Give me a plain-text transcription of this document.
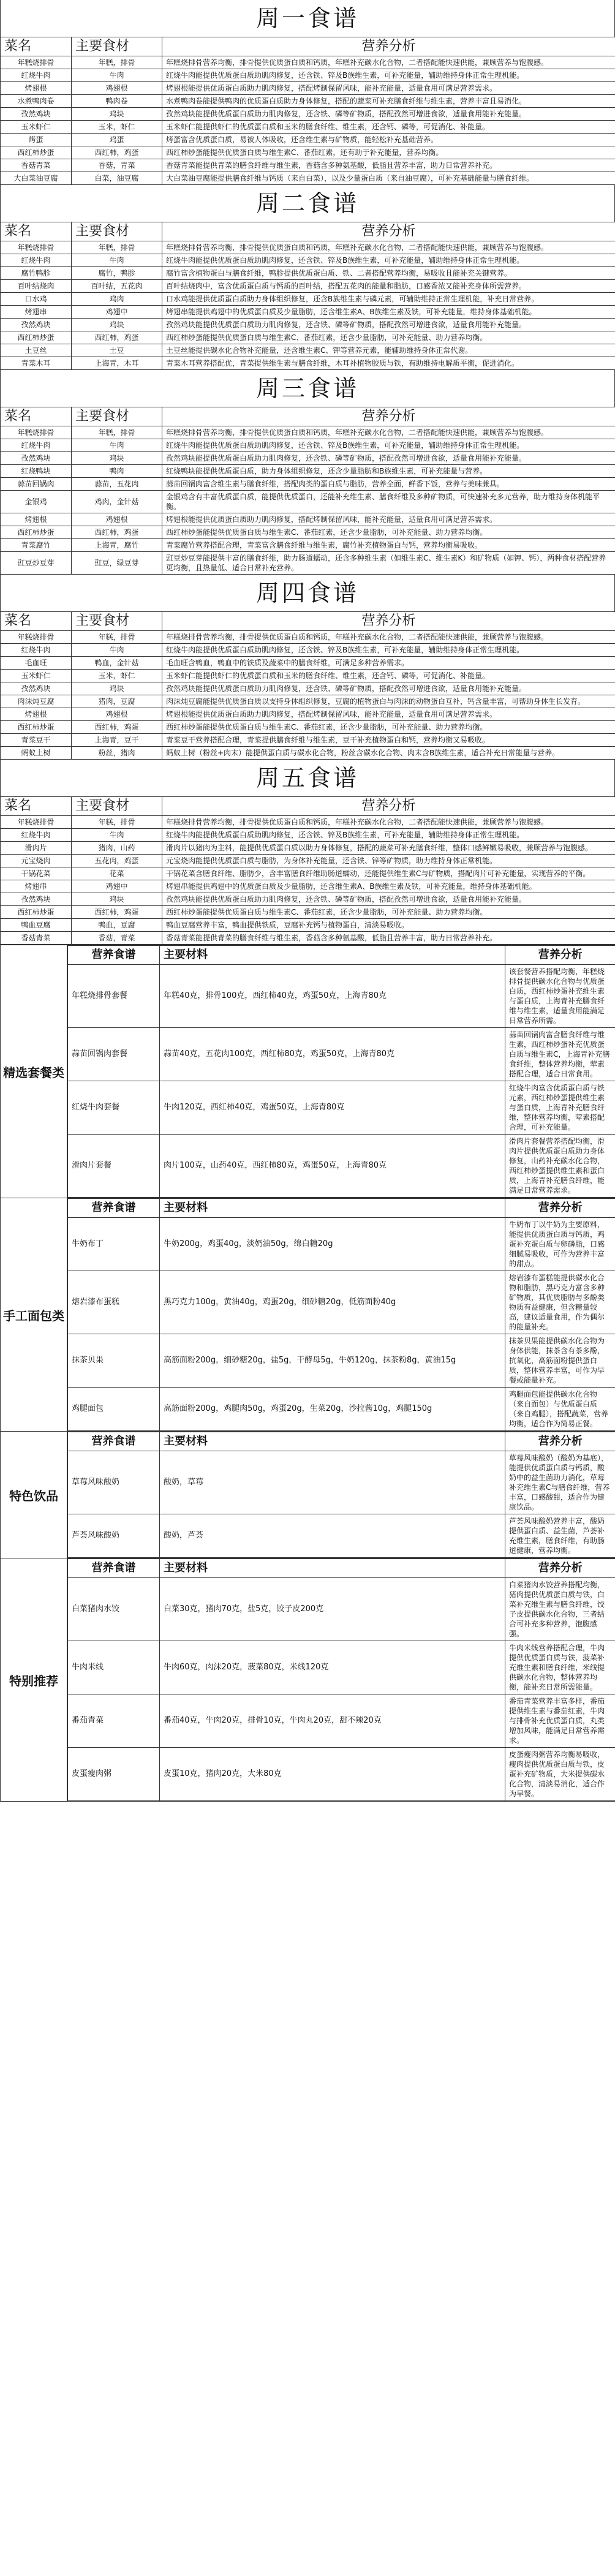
周一食谱
菜名	主要食材	营养分析
年糕烧排骨	年糕，排骨	年糕烧排骨营养均衡，排骨提供优质蛋白质和钙质，年糕补充碳水化合物，二者搭配能快速供能，兼顾营养与饱腹感。
红烧牛肉	牛肉	红烧牛肉能提供优质蛋白质助肌肉修复，还含铁、锌及B族维生素，可补充能量，辅助维持身体正常生理机能。
烤翅根	鸡翅根	烤翅根能提供优质蛋白质助力肌肉修复，搭配烤制保留风味，能补充能量，适量食用可满足营养需求。
水煮鸭肉卷	鸭肉卷	水煮鸭肉卷能提供鸭肉的优质蛋白质助力身体修复，搭配的蔬菜可补充膳食纤维与维生素，营养丰富且易消化。
孜然鸡块	鸡块	孜然鸡块能提供优质蛋白质助力肌肉修复，还含铁、磷等矿物质，搭配孜然可增进食欲，适量食用能补充能量。
玉米虾仁	玉米，虾仁	玉米虾仁能提供虾仁的优质蛋白质和玉米的膳食纤维、维生素，还含钙、磷等，可促消化、补能量。
烤蛋	鸡蛋	烤蛋富含优质蛋白质，易被人体吸收，还含维生素与矿物质，能轻松补充基础营养。
西红柿炒蛋	西红柿，鸡蛋	西红柿炒蛋能提供优质蛋白质与维生素C、番茄红素，还有助于补充能量，营养均衡。
香菇青菜	香菇，青菜	香菇青菜能提供青菜的膳食纤维与维生素，香菇含多种氨基酸，低脂且营养丰富，助力日常营养补充。
大白菜油豆腐	白菜，油豆腐	大白菜油豆腐能提供膳食纤维与钙质（来自白菜），以及少量蛋白质（来自油豆腐），可补充基础能量与膳食纤维。
周二食谱
菜名	主要食材	营养分析
年糕烧排骨	年糕，排骨	年糕烧排骨营养均衡，排骨提供优质蛋白质和钙质，年糕补充碳水化合物，二者搭配能快速供能，兼顾营养与饱腹感。
红烧牛肉	牛肉	红烧牛肉能提供优质蛋白质助肌肉修复，还含铁、锌及B族维生素，可补充能量，辅助维持身体正常生理机能。
腐竹鸭胗	腐竹，鸭胗	腐竹富含植物蛋白与膳食纤维，鸭胗提供优质蛋白质、铁、二者搭配营养均衡，易吸收且能补充关键营养。
百叶结烧肉	百叶结，五花肉	百叶结烧肉中，富含优质蛋白质与钙质的百叶结，搭配五花肉的能量和脂肪，口感香浓又能补充身体所需营养。
口水鸡	鸡肉	口水鸡能提供优质蛋白质助力身体组织修复，还含B族维生素与磷元素，可辅助维持正常生理机能，补充日常营养。
烤翅串	鸡翅中	烤翅串能提供鸡翅中的优质蛋白质及少量脂肪，还含维生素A、B族维生素及铁，可补充能量，维持身体基础机能。
孜然鸡块	鸡块	孜然鸡块能提供优质蛋白质助力肌肉修复，还含铁、磷等矿物质，搭配孜然可增进食欲，适量食用能补充能量。
西红柿炒蛋	西红柿，鸡蛋	西红柿炒蛋能提供优质蛋白质与维生素C、番茄红素，还含少量脂肪，可补充能量、助力营养均衡。
土豆丝	土豆	土豆丝能提供碳水化合物补充能量，还含维生素C、钾等营养元素，能辅助维持身体正常代谢。
青菜木耳	上海青，木耳	青菜木耳营养搭配优，青菜提供维生素与膳食纤维，木耳补植物胶质与铁，有助维持电解质平衡，促进消化。
周三食谱
菜名	主要食材	营养分析
年糕烧排骨	年糕，排骨	年糕烧排骨营养均衡，排骨提供优质蛋白质和钙质，年糕补充碳水化合物，二者搭配能快速供能，兼顾营养与饱腹感。
红烧牛肉	牛肉	红烧牛肉能提供优质蛋白质助肌肉修复，还含铁、锌及B族维生素，可补充能量，辅助维持身体正常生理机能。
孜然鸡块	鸡块	孜然鸡块能提供优质蛋白质助力肌肉修复，还含铁、磷等矿物质，搭配孜然可增进食欲，适量食用能补充能量。
红烧鸭块	鸭肉	红烧鸭块能提供优质蛋白质，助力身体组织修复，还含少量脂肪和B族维生素，可补充能量与营养。
蒜苗回锅肉	蒜苗，五花肉	蒜苗回锅肉富含维生素与膳食纤维，搭配肉类的蛋白质与脂肪，营养全面，鲜香下饭，营养与美味兼具。
金银鸡	鸡肉，金针菇	金银鸡含有丰富优质蛋白质，能提供优质蛋白，还能补充维生素、膳食纤维及多种矿物质，可快速补充多元营养，助力维持身体机能平衡。
烤翅根	鸡翅根	烤翅根能提供优质蛋白质助力肌肉修复，搭配烤制保留风味，能补充能量，适量食用可满足营养需求。
西红柿炒蛋	西红柿，鸡蛋	西红柿炒蛋能提供优质蛋白质与维生素C、番茄红素，还含少量脂肪，可补充能量、助力营养均衡。
青菜腐竹	上海青，腐竹	青菜腐竹营养搭配合理，青菜富含膳食纤维与维生素，腐竹补充植物蛋白与钙，营养均衡易吸收。
豇豆炒豆芽	豇豆，绿豆芽	豇豆炒豆芽能提供丰富的膳食纤维，助力肠道蠕动，还含多种维生素（如维生素C、维生素K）和矿物质（如钾、钙），两种食材搭配营养更均衡，且热量低、适合日常补充营养。
周四食谱
菜名	主要食材	营养分析
年糕烧排骨	年糕，排骨	年糕烧排骨营养均衡，排骨提供优质蛋白质和钙质，年糕补充碳水化合物，二者搭配能快速供能，兼顾营养与饱腹感。
红烧牛肉	牛肉	红烧牛肉能提供优质蛋白质助肌肉修复，还含铁、锌及B族维生素，可补充能量，辅助维持身体正常生理机能。
毛血旺	鸭血，金针菇	毛血旺含鸭血，鸭血中的铁质及蔬菜中的膳食纤维，可满足多种营养需求。
玉米虾仁	玉米，虾仁	玉米虾仁能提供虾仁的优质蛋白质和玉米的膳食纤维、维生素，还含钙、磷等，可促消化、补能量。
孜然鸡块	鸡块	孜然鸡块能提供优质蛋白质助力肌肉修复，还含铁、磷等矿物质，搭配孜然可增进食欲，适量食用能补充能量。
肉沫炖豆腐	猪肉，豆腐	肉沫炖豆腐能提供优质蛋白质以支持身体组织修复，豆腐的植物蛋白与肉沫的动物蛋白互补，钙含量丰富，可帮助身体生长发育。
烤翅根	鸡翅根	烤翅根能提供优质蛋白质助力肌肉修复，搭配烤制保留风味，能补充能量，适量食用可满足营养需求。
西红柿炒蛋	西红柿，鸡蛋	西红柿炒蛋能提供优质蛋白质与维生素C、番茄红素，还含少量脂肪，可补充能量、助力营养均衡。
青菜豆干	上海青，豆干	青菜豆干营养搭配合理，青菜提供膳食纤维与维生素，豆干补充植物蛋白和钙，营养均衡又易吸收。
蚂蚁上树	粉丝，猪肉	蚂蚁上树（粉丝+肉末）能提供蛋白质与碳水化合物，粉丝含碳水化合物、肉末含B族维生素，适合补充日常能量与营养。
周五食谱
菜名	主要食材	营养分析
年糕烧排骨	年糕，排骨	年糕烧排骨营养均衡，排骨提供优质蛋白质和钙质，年糕补充碳水化合物，二者搭配能快速供能，兼顾营养与饱腹感。
红烧牛肉	牛肉	红烧牛肉能提供优质蛋白质助肌肉修复，还含铁、锌及B族维生素，可补充能量，辅助维持身体正常生理机能。
滑肉片	猪肉，山药	滑肉片以猪肉为主料，能提供优质蛋白质以助力身体修复，搭配的蔬菜可补充膳食纤维，整体口感鲜嫩易吸收，兼顾营养与饱腹感。
元宝烧肉	五花肉，鸡蛋	元宝烧肉能提供优质蛋白质与脂肪，为身体补充能量，还含铁、锌等矿物质，助力维持身体正常机能。
干锅花菜	花菜	干锅花菜含膳食纤维、脂肪少，含丰富膳食纤维助肠道蠕动，还能提供维生素C与矿物质，搭配肉片可补充能量，实现营养的平衡。
烤翅串	鸡翅中	烤翅串能提供鸡翅中的优质蛋白质及少量脂肪，还含维生素A、B族维生素及铁，可补充能量，维持身体基础机能。
孜然鸡块	鸡块	孜然鸡块能提供优质蛋白质助力肌肉修复，还含铁、磷等矿物质，搭配孜然可增进食欲，适量食用能补充能量。
西红柿炒蛋	西红柿，鸡蛋	西红柿炒蛋能提供优质蛋白质与维生素C、番茄红素，还含少量脂肪，可补充能量、助力营养均衡。
鸭血豆腐	鸭血，豆腐	鸭血豆腐营养丰富，鸭血提供铁质，豆腐补充钙与植物蛋白，清淡易吸收。
香菇青菜	香菇，青菜	香菇青菜能提供青菜的膳食纤维与维生素，香菇含多种氨基酸，低脂且营养丰富，助力日常营养补充。
精选套餐类
营养食谱	主要材料	营养分析
年糕烧排骨套餐	年糕40克，排骨100克，西红柿40克，鸡蛋50克，上海青80克	该套餐营养搭配均衡，年糕烧排骨提供碳水化合物与优质蛋白质，西红柿炒蛋补充维生素与蛋白质，上海青补充膳食纤维与维生素，适量食用能满足日常营养所需。
蒜苗回锅肉套餐	蒜苗40克，五花肉100克，西红柿80克，鸡蛋50克，上海青80克	蒜苗回锅肉富含膳食纤维与维生素，西红柿炒蛋补充优质蛋白质与维生素C，上海青补充膳食纤维，整体营养均衡，荤素搭配合理，适合日常食用。
红烧牛肉套餐	牛肉120克，西红柿40克，鸡蛋50克，上海青80克	红烧牛肉富含优质蛋白质与铁元素，西红柿炒蛋提供维生素与蛋白质，上海青补充膳食纤维，整体营养均衡，荤素搭配合理，可补充能量。
滑肉片套餐	肉片100克，山药40克，西红柿80克，鸡蛋50克，上海青80克	滑肉片套餐营养搭配均衡，滑肉片提供优质蛋白质助力身体修复，山药补充碳水化合物，西红柿炒蛋提供维生素和蛋白质，上海青补充膳食纤维，能满足日常营养需求。
手工面包类
营养食谱	主要材料	营养分析
牛奶布丁	牛奶200g，鸡蛋40g，淡奶油50g，绵白糖20g	牛奶布丁以牛奶为主要原料，能提供优质蛋白质与钙质，鸡蛋补充蛋白质与卵磷脂，口感细腻易吸收，可作为营养丰富的甜点。
熔岩漆布蛋糕	黑巧克力100g，黄油40g，鸡蛋20g，细砂糖20g，低筋面粉40g	熔岩漆布蛋糕能提供碳水化合物和脂肪，黑巧克力富含多种矿物质，其优质脂肪与多酚类物质有益健康，但含糖量较高，建议适量食用，作为偶尔的能量补充。
抹茶贝果	高筋面粉200g，细砂糖20g，盐5g，干酵母5g，牛奶120g，抹茶粉8g，黄油15g	抹茶贝果能提供碳水化合物为身体供能，抹茶含有茶多酚，抗氧化，高筋面粉提供蛋白质，整体营养丰富，可作为早餐或能量补充。
鸡腿面包	高筋面粉200g，鸡腿肉50g，鸡蛋20g，生菜20g，沙拉酱10g，鸡腿150g	鸡腿面包能提供碳水化合物（来自面包）与优质蛋白质（来自鸡腿），搭配蔬菜，营养均衡，适合作为简易正餐。
特色饮品
营养食谱	主要材料	营养分析
草莓风味酸奶	酸奶，草莓	草莓风味酸奶（酸奶为基底），能提供优质蛋白质与钙质，酸奶中的益生菌助力消化，草莓补充维生素C与膳食纤维，营养丰富，口感酸甜，适合作为健康饮品。
芦荟风味酸奶	酸奶，芦荟	芦荟风味酸奶营养丰富，酸奶提供蛋白质、益生菌，芦荟补充维生素，膳食纤维，有助肠道健康，营养均衡。
特别推荐
营养食谱	主要材料	营养分析
白菜猪肉水饺	白菜30克，猪肉70克，盐5克，饺子皮200克	白菜猪肉水饺营养搭配均衡，猪肉提供优质蛋白质与铁，白菜补充维生素与膳食纤维，饺子皮提供碳水化合物，三者结合可补充多种营养，饱腹感强。
牛肉米线	牛肉60克，肉沫20克，菠菜80克，米线120克	牛肉米线营养搭配合理，牛肉提供优质蛋白质与铁，菠菜补充维生素和膳食纤维，米线提供碳水化合物，整体营养均衡，能补充日常所需能量。
番茄青菜	番茄40克，牛肉20克，排骨10克，牛肉丸20克，甜不辣20克	番茄青菜营养丰富多样，番茄提供维生素与番茄红素，牛肉与排骨补充优质蛋白质，丸类增加风味，能满足日常营养需求。
皮蛋瘦肉粥	皮蛋10克，猪肉20克，大米80克	皮蛋瘦肉粥营养均衡易吸收，瘦肉提供优质蛋白质与铁，皮蛋补充矿物质，大米提供碳水化合物，清淡易消化，适合作为早餐。
